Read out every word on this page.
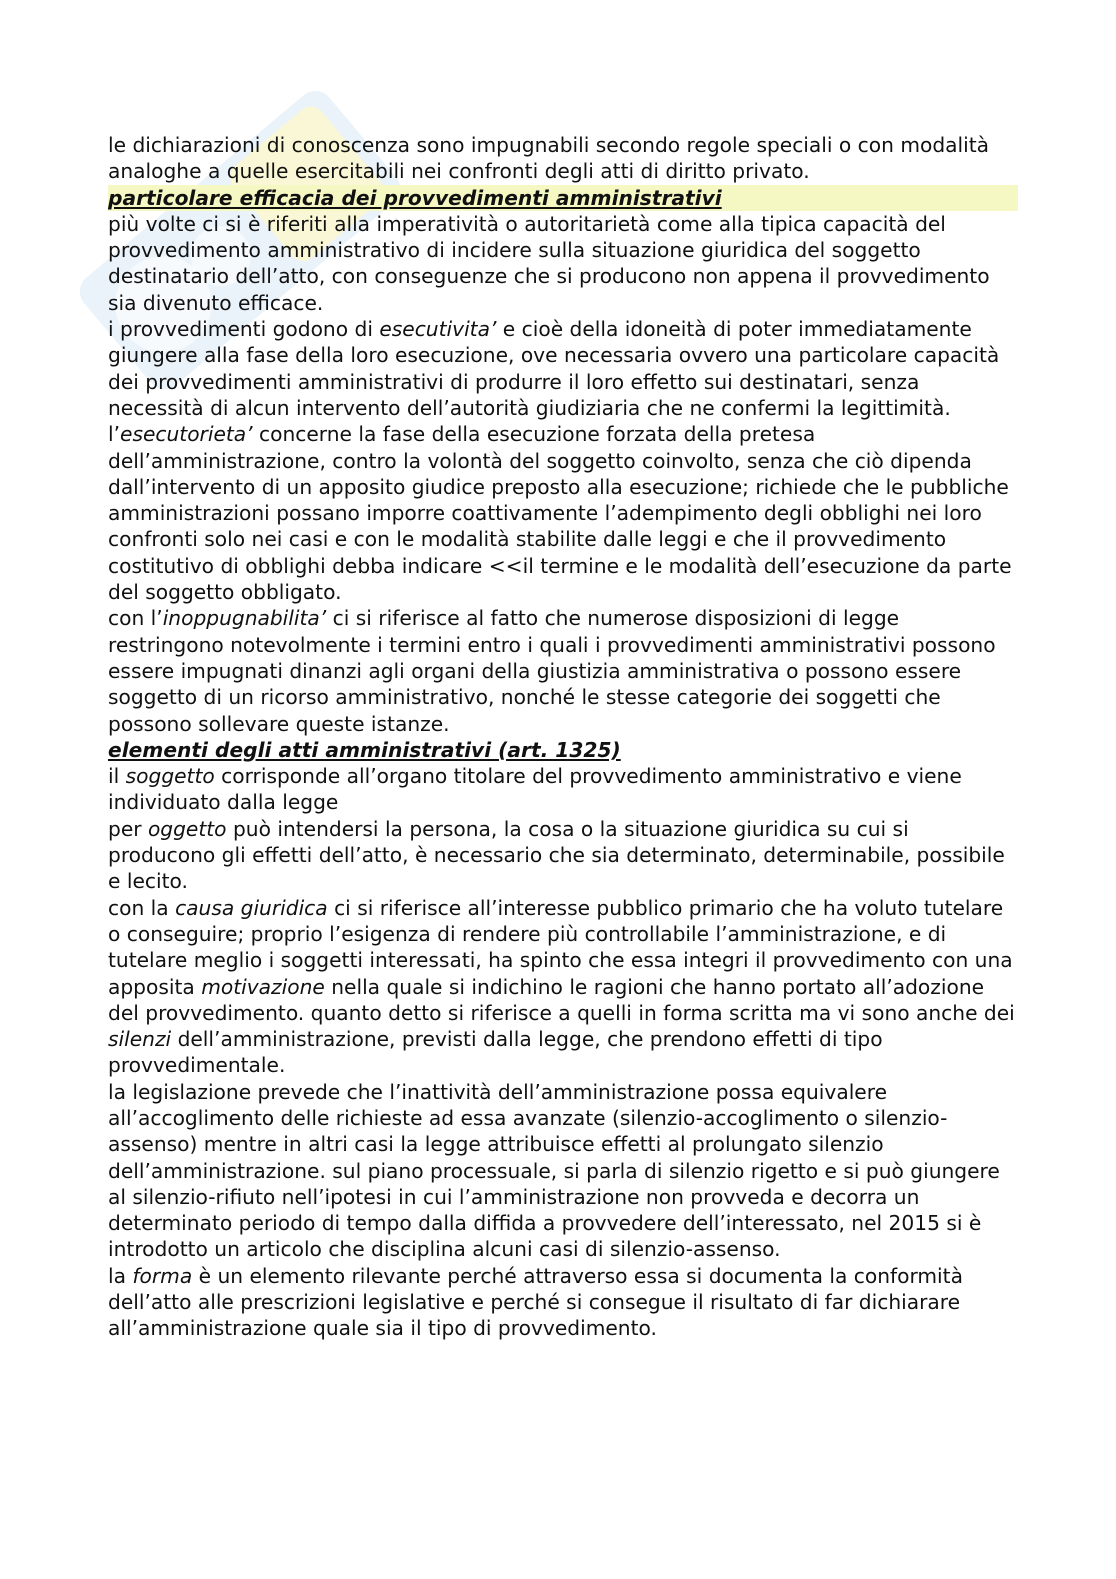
le dichiarazioni di conoscenza sono impugnabili secondo regole speciali o con modalità analoghe a quelle esercitabili nei confronti degli atti di diritto privato.

particolare efficacia dei provvedimenti amministrativi

più volte ci si è riferiti alla imperatività o autoritarietà come alla tipica capacità del provvedimento amministrativo di incidere sulla situazione giuridica del soggetto destinatario dell’atto, con conseguenze che si producono non appena il provvedimento sia divenuto efficace.

i provvedimenti godono di esecutivita’ e cioè della idoneità di poter immediatamente giungere alla fase della loro esecuzione, ove necessaria ovvero una particolare capacità dei provvedimenti amministrativi di produrre il loro effetto sui destinatari, senza necessità di alcun intervento dell’autorità giudiziaria che ne confermi la legittimità.

l’esecutorieta’ concerne la fase della esecuzione forzata della pretesa dell’amministrazione, contro la volontà del soggetto coinvolto, senza che ciò dipenda dall’intervento di un apposito giudice preposto alla esecuzione; richiede che le pubbliche amministrazioni possano imporre coattivamente l’adempimento degli obblighi nei loro confronti solo nei casi e con le modalità stabilite dalle leggi e che il provvedimento costitutivo di obblighi debba indicare <<il termine e le modalità dell’esecuzione da parte del soggetto obbligato.

con l’inoppugnabilita’ ci si riferisce al fatto che numerose disposizioni di legge restringono notevolmente i termini entro i quali i provvedimenti amministrativi possono essere impugnati dinanzi agli organi della giustizia amministrativa o possono essere soggetto di un ricorso amministrativo, nonché le stesse categorie dei soggetti che possono sollevare queste istanze.

elementi degli atti amministrativi (art. 1325)

il soggetto corrisponde all’organo titolare del provvedimento amministrativo e viene individuato dalla legge

per oggetto può intendersi la persona, la cosa o la situazione giuridica su cui si producono gli effetti dell’atto, è necessario che sia determinato, determinabile, possibile e lecito.

con la causa giuridica ci si riferisce all’interesse pubblico primario che ha voluto tutelare o conseguire; proprio l’esigenza di rendere più controllabile l’amministrazione, e di tutelare meglio i soggetti interessati, ha spinto che essa integri il provvedimento con una apposita motivazione nella quale si indichino le ragioni che hanno portato all’adozione del provvedimento. quanto detto si riferisce a quelli in forma scritta ma vi sono anche dei silenzi dell’amministrazione, previsti dalla legge, che prendono effetti di tipo provvedimentale.

la legislazione prevede che l’inattività dell’amministrazione possa equivalere all’accoglimento delle richieste ad essa avanzate (silenzio-accoglimento o silenzio-assenso) mentre in altri casi la legge attribuisce effetti al prolungato silenzio dell’amministrazione. sul piano processuale, si parla di silenzio rigetto e si può giungere al silenzio-rifiuto nell’ipotesi in cui l’amministrazione non provveda e decorra un determinato periodo di tempo dalla diffida a provvedere dell’interessato, nel 2015 si è introdotto un articolo che disciplina alcuni casi di silenzio-assenso.

la forma è un elemento rilevante perché attraverso essa si documenta la conformità dell’atto alle prescrizioni legislative e perché si consegue il risultato di far dichiarare all’amministrazione quale sia il tipo di provvedimento.
